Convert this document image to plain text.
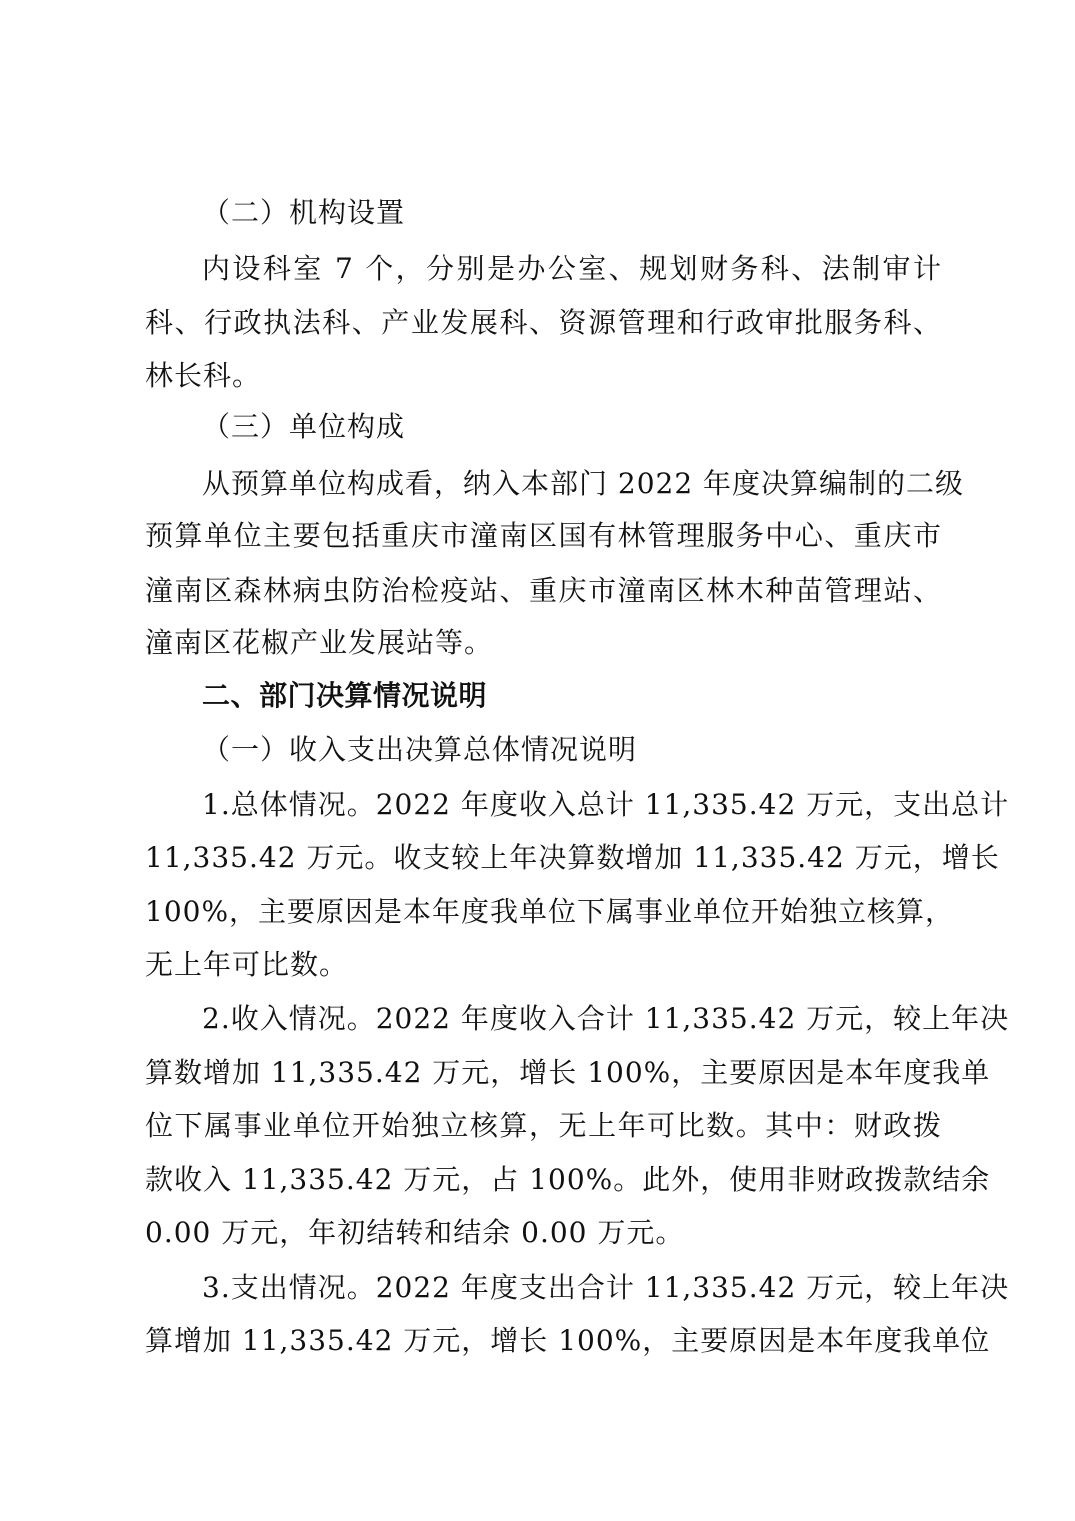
（二）机构设置
内设科室 7 个，分别是办公室、规划财务科、法制审计
科、行政执法科、产业发展科、资源管理和行政审批服务科、
林长科。
（三）单位构成
从预算单位构成看，纳入本部门 2022 年度决算编制的二级
预算单位主要包括重庆市潼南区国有林管理服务中心、重庆市
潼南区森林病虫防治检疫站、重庆市潼南区林木种苗管理站、
潼南区花椒产业发展站等。
二、部门决算情况说明
（一）收入支出决算总体情况说明
1.总体情况。2022 年度收入总计 11,335.42 万元，支出总计
11,335.42 万元。收支较上年决算数增加 11,335.42 万元，增长
100%，主要原因是本年度我单位下属事业单位开始独立核算，
无上年可比数。
2.收入情况。2022 年度收入合计 11,335.42 万元，较上年决
算数增加 11,335.42 万元，增长 100%，主要原因是本年度我单
位下属事业单位开始独立核算，无上年可比数。其中：财政拨
款收入 11,335.42 万元，占 100%。此外，使用非财政拨款结余
0.00 万元，年初结转和结余 0.00 万元。
3.支出情况。2022 年度支出合计 11,335.42 万元，较上年决
算增加 11,335.42 万元，增长 100%，主要原因是本年度我单位
